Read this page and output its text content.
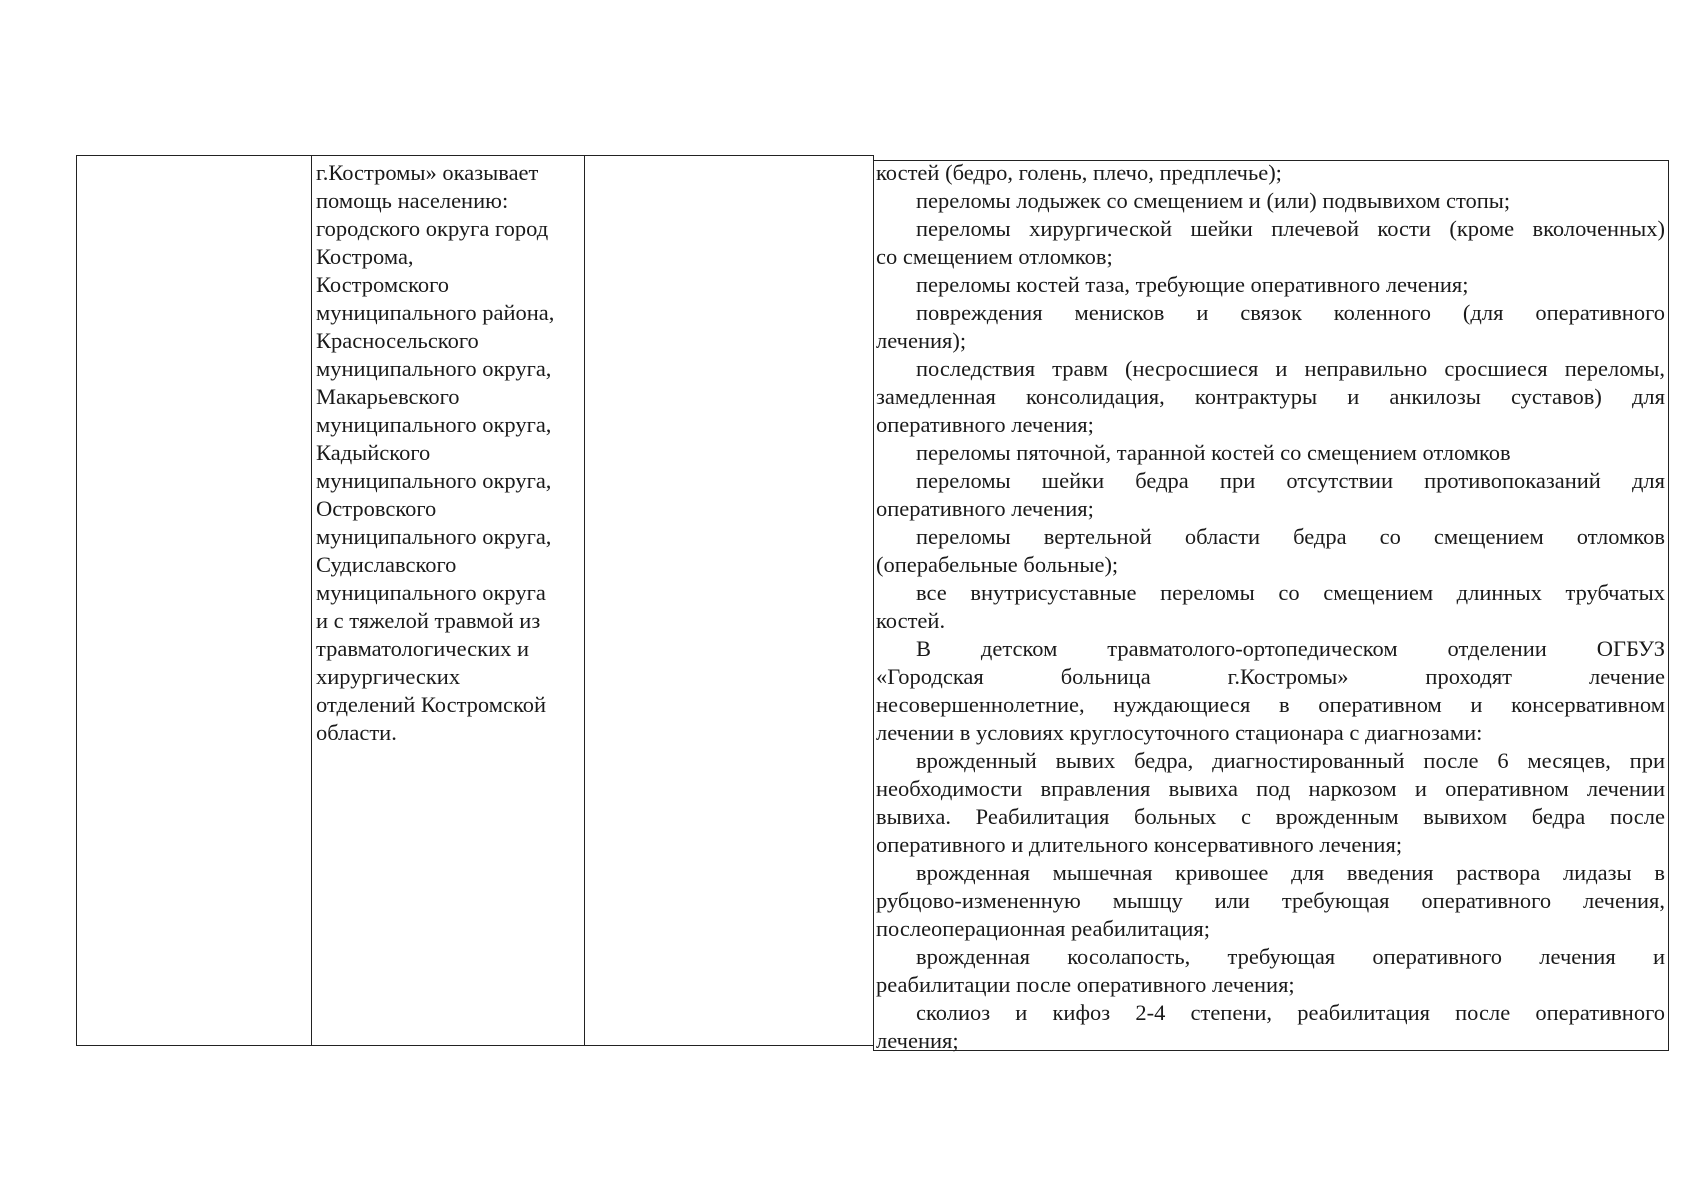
г.Костромы» оказывает
помощь населению:
городского округа город
Кострома,
Костромского
муниципального района,
Красносельского
муниципального округа,
Макарьевского
муниципального округа,
Кадыйского
муниципального округа,
Островского
муниципального округа,
Судиславского
муниципального округа
и с тяжелой травмой из
травматологических и
хирургических
отделений Костромской
области.
костей (бедро, голень, плечо, предплечье);
переломы лодыжек со смещением и (или) подвывихом стопы;
переломы хирургической шейки плечевой кости (кроме вколоченных)
со смещением отломков;
переломы костей таза, требующие оперативного лечения;
повреждения менисков и связок коленного (для оперативного
лечения);
последствия травм (несросшиеся и неправильно сросшиеся переломы,
замедленная консолидация, контрактуры и анкилозы суставов) для
оперативного лечения;
переломы пяточной, таранной костей со смещением отломков
переломы шейки бедра при отсутствии противопоказаний для
оперативного лечения;
переломы вертельной области бедра со смещением отломков
(операбельные больные);
все внутрисуставные переломы со смещением длинных трубчатых
костей.
В детском травматолого-ортопедическом отделении ОГБУЗ
«Городская больница г.Костромы» проходят лечение
несовершеннолетние, нуждающиеся в оперативном и консервативном
лечении в условиях круглосуточного стационара с диагнозами:
врожденный вывих бедра, диагностированный после 6 месяцев, при
необходимости вправления вывиха под наркозом и оперативном лечении
вывиха. Реабилитация больных с врожденным вывихом бедра после
оперативного и длительного консервативного лечения;
врожденная мышечная кривошее для введения раствора лидазы в
рубцово-измененную мышцу или требующая оперативного лечения,
послеоперационная реабилитация;
врожденная косолапость, требующая оперативного лечения и
реабилитации после оперативного лечения;
сколиоз и кифоз 2-4 степени, реабилитация после оперативного
лечения;
